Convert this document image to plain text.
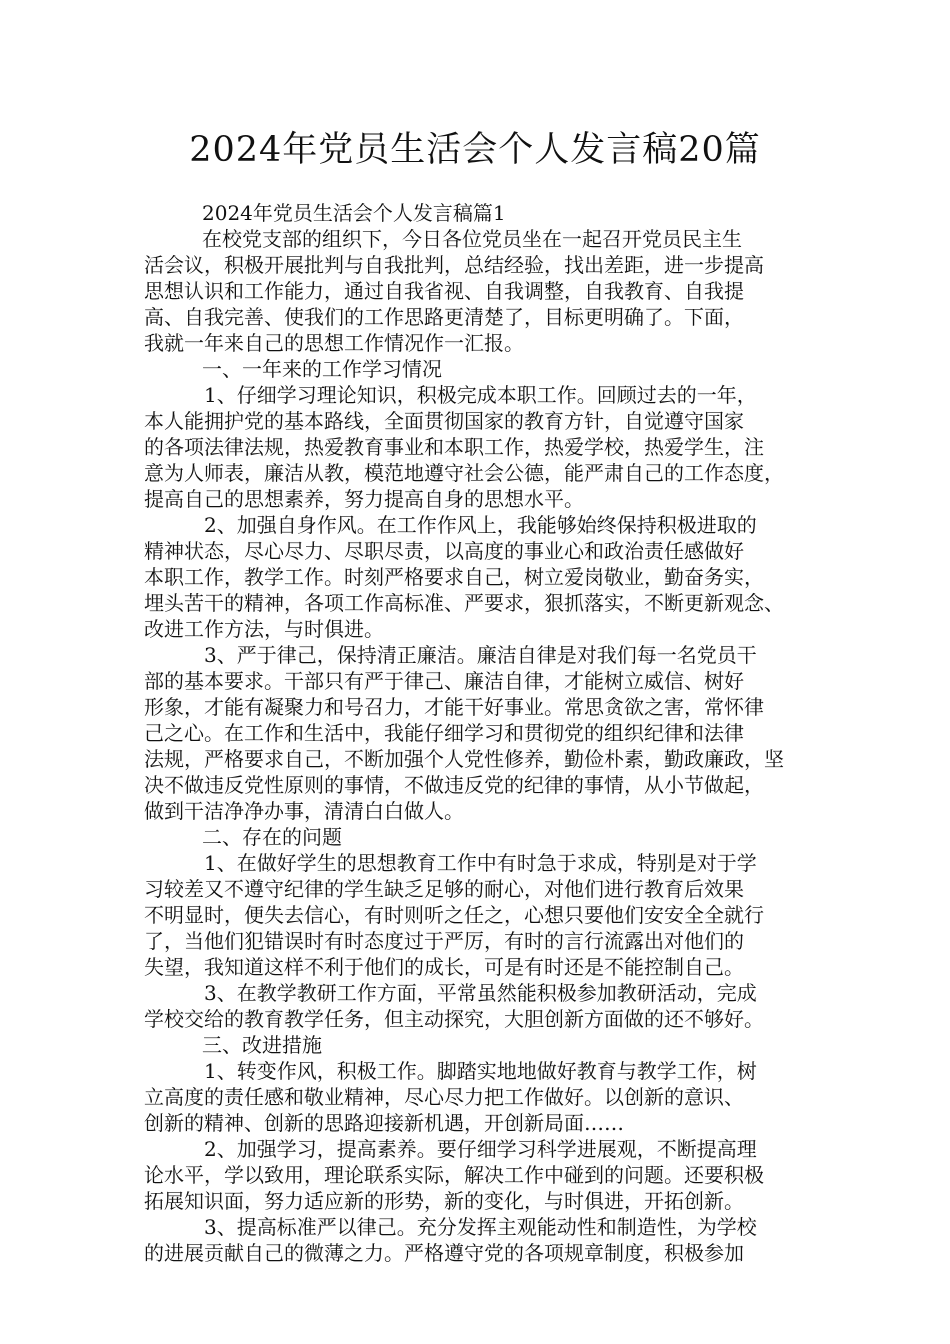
2024年党员生活会个人发言稿20篇
2024年党员生活会个人发言稿篇1
在校党支部的组织下，今日各位党员坐在一起召开党员民主生
活会议，积极开展批判与自我批判，总结经验，找出差距，进一步提高
思想认识和工作能力，通过自我省视、自我调整，自我教育、自我提
高、自我完善、使我们的工作思路更清楚了，目标更明确了。下面，
我就一年来自己的思想工作情况作一汇报。
一、一年来的工作学习情况
1、仔细学习理论知识，积极完成本职工作。回顾过去的一年，
本人能拥护党的基本路线，全面贯彻国家的教育方针，自觉遵守国家
的各项法律法规，热爱教育事业和本职工作，热爱学校，热爱学生，注
意为人师表，廉洁从教，模范地遵守社会公德，能严肃自己的工作态度，
提高自己的思想素养，努力提高自身的思想水平。
2、加强自身作风。在工作作风上，我能够始终保持积极进取的
精神状态，尽心尽力、尽职尽责，以高度的事业心和政治责任感做好
本职工作，教学工作。时刻严格要求自己，树立爱岗敬业，勤奋务实，
埋头苦干的精神，各项工作高标准、严要求，狠抓落实，不断更新观念、
改进工作方法，与时俱进。
3、严于律己，保持清正廉洁。廉洁自律是对我们每一名党员干
部的基本要求。干部只有严于律己、廉洁自律，才能树立威信、树好
形象，才能有凝聚力和号召力，才能干好事业。常思贪欲之害，常怀律
己之心。在工作和生活中，我能仔细学习和贯彻党的组织纪律和法律
法规，严格要求自己，不断加强个人党性修养，勤俭朴素，勤政廉政，坚
决不做违反党性原则的事情，不做违反党的纪律的事情，从小节做起，
做到干洁净净办事，清清白白做人。
二、存在的问题
1、在做好学生的思想教育工作中有时急于求成，特别是对于学
习较差又不遵守纪律的学生缺乏足够的耐心，对他们进行教育后效果
不明显时，便失去信心，有时则听之任之，心想只要他们安安全全就行
了，当他们犯错误时有时态度过于严厉，有时的言行流露出对他们的
失望，我知道这样不利于他们的成长，可是有时还是不能控制自己。
3、在教学教研工作方面，平常虽然能积极参加教研活动，完成
学校交给的教育教学任务，但主动探究，大胆创新方面做的还不够好。
三、改进措施
1、转变作风，积极工作。脚踏实地地做好教育与教学工作，树
立高度的责任感和敬业精神，尽心尽力把工作做好。以创新的意识、
创新的精神、创新的思路迎接新机遇，开创新局面……
2、加强学习，提高素养。要仔细学习科学进展观，不断提高理
论水平，学以致用，理论联系实际，解决工作中碰到的问题。还要积极
拓展知识面，努力适应新的形势，新的变化，与时俱进，开拓创新。
3、提高标准严以律己。充分发挥主观能动性和制造性，为学校
的进展贡献自己的微薄之力。严格遵守党的各项规章制度，积极参加
